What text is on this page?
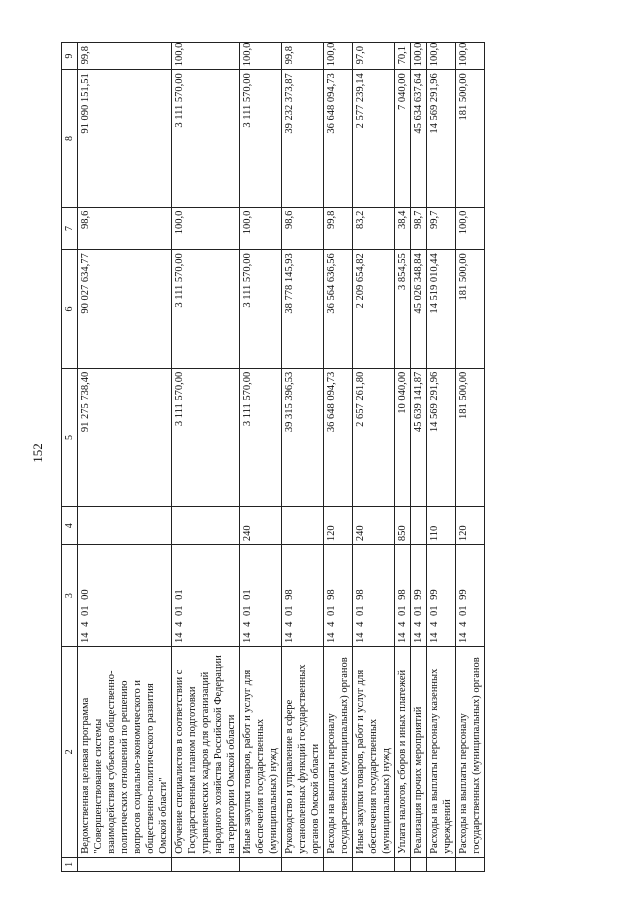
152
1	2	3	4	5	6	7	8	9
	Ведомственная целевая программа "Совершенствование системы взаимодействия субъектов общественно-политических отношений по решению вопросов социально-экономического и общественно-политического развития Омской области"	14 4 01 00		91 275 738,40	90 027 634,77	98,6	91 090 151,51	99,8
	Обучение специалистов в соответствии с Государственным планом подготовки управленческих кадров для организаций народного хозяйства Российской Федерации на территории Омской области	14 4 01 01		3 111 570,00	3 111 570,00	100,0	3 111 570,00	100,0
	Иные закупки товаров, работ и услуг для обеспечения государственных (муниципальных) нужд	14 4 01 01	240	3 111 570,00	3 111 570,00	100,0	3 111 570,00	100,0
	Руководство и управление в сфере установленных функций государственных органов Омской области	14 4 01 98		39 315 396,53	38 778 145,93	98,6	39 232 373,87	99,8
	Расходы на выплаты персоналу государственных (муниципальных) органов	14 4 01 98	120	36 648 094,73	36 564 636,56	99,8	36 648 094,73	100,0
	Иные закупки товаров, работ и услуг для обеспечения государственных (муниципальных) нужд	14 4 01 98	240	2 657 261,80	2 209 654,82	83,2	2 577 239,14	97,0
	Уплата налогов, сборов и иных платежей	14 4 01 98	850	10 040,00	3 854,55	38,4	7 040,00	70,1
	Реализация прочих мероприятий	14 4 01 99		45 639 141,87	45 026 348,84	98,7	45 634 637,64	100,0
	Расходы на выплаты персоналу казенных учреждений	14 4 01 99	110	14 569 291,96	14 519 010,44	99,7	14 569 291,96	100,0
	Расходы на выплаты персоналу государственных (муниципальных) органов	14 4 01 99	120	181 500,00	181 500,00	100,0	181 500,00	100,0
